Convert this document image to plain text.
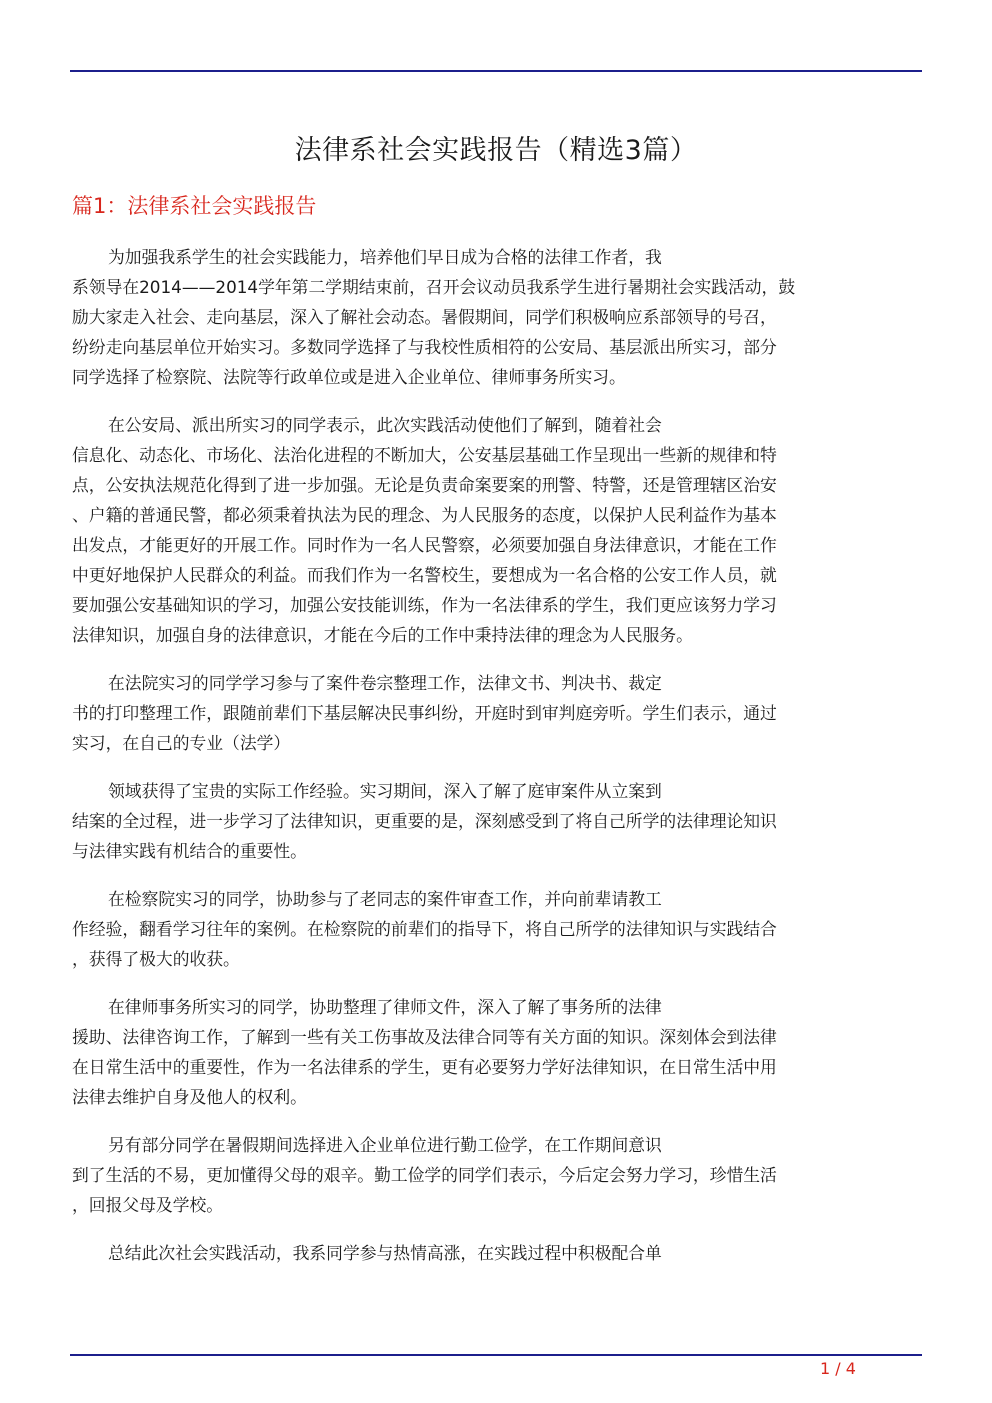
法律系社会实践报告（精选3篇）
篇1：法律系社会实践报告

为加强我系学生的社会实践能力，培养他们早日成为合格的法律工作者，我
系领导在2014——2014学年第二学期结束前，召开会议动员我系学生进行暑期社会实践活动，鼓
励大家走入社会、走向基层，深入了解社会动态。暑假期间，同学们积极响应系部领导的号召，
纷纷走向基层单位开始实习。多数同学选择了与我校性质相符的公安局、基层派出所实习，部分
同学选择了检察院、法院等行政单位或是进入企业单位、律师事务所实习。

在公安局、派出所实习的同学表示，此次实践活动使他们了解到，随着社会
信息化、动态化、市场化、法治化进程的不断加大，公安基层基础工作呈现出一些新的规律和特
点，公安执法规范化得到了进一步加强。无论是负责命案要案的刑警、特警，还是管理辖区治安
、户籍的普通民警，都必须秉着执法为民的理念、为人民服务的态度，以保护人民利益作为基本
出发点，才能更好的开展工作。同时作为一名人民警察，必须要加强自身法律意识，才能在工作
中更好地保护人民群众的利益。而我们作为一名警校生，要想成为一名合格的公安工作人员，就
要加强公安基础知识的学习，加强公安技能训练，作为一名法律系的学生，我们更应该努力学习
法律知识，加强自身的法律意识，才能在今后的工作中秉持法律的理念为人民服务。

在法院实习的同学学习参与了案件卷宗整理工作，法律文书、判决书、裁定
书的打印整理工作，跟随前辈们下基层解决民事纠纷，开庭时到审判庭旁听。学生们表示，通过
实习，在自己的专业（法学）

领域获得了宝贵的实际工作经验。实习期间，深入了解了庭审案件从立案到
结案的全过程，进一步学习了法律知识，更重要的是，深刻感受到了将自己所学的法律理论知识
与法律实践有机结合的重要性。

在检察院实习的同学，协助参与了老同志的案件审查工作，并向前辈请教工
作经验，翻看学习往年的案例。在检察院的前辈们的指导下，将自己所学的法律知识与实践结合
，获得了极大的收获。

在律师事务所实习的同学，协助整理了律师文件，深入了解了事务所的法律
援助、法律咨询工作，了解到一些有关工伤事故及法律合同等有关方面的知识。深刻体会到法律
在日常生活中的重要性，作为一名法律系的学生，更有必要努力学好法律知识，在日常生活中用
法律去维护自身及他人的权利。

另有部分同学在暑假期间选择进入企业单位进行勤工俭学，在工作期间意识
到了生活的不易，更加懂得父母的艰辛。勤工俭学的同学们表示，今后定会努力学习，珍惜生活
，回报父母及学校。

总结此次社会实践活动，我系同学参与热情高涨，在实践过程中积极配合单

1 / 4
